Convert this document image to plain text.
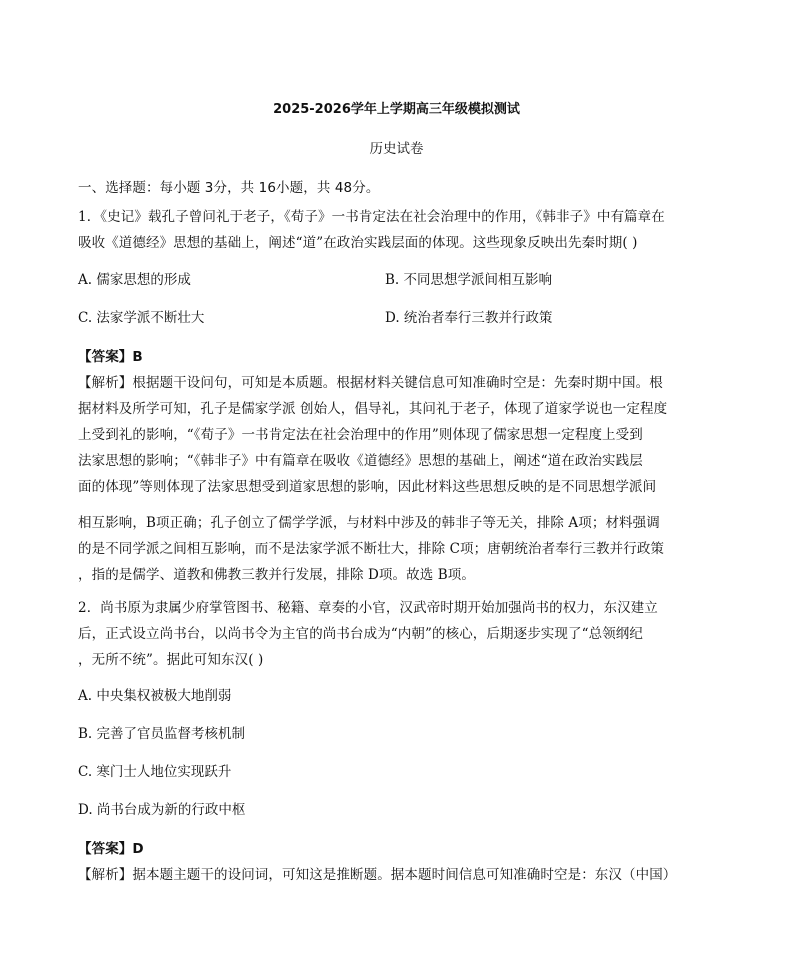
2025-2026学年上学期高三年级模拟测试
历史试卷
一、选择题：每小题 3分，共 16小题，共 48分。
1．《史记》载孔子曾问礼于老子，《荀子》一书肯定法在社会治理中的作用，《韩非子》中有篇章在
吸收《道德经》思想的基础上，阐述“道”在政治实践层面的体现。这些现象反映出先秦时期( )
A. 儒家思想的形成	B. 不同思想学派间相互影响
C. 法家学派不断壮大	D. 统治者奉行三教并行政策
【答案】B
【解析】根据题干设问句，可知是本质题。根据材料关键信息可知准确时空是：先秦时期中国。根
据材料及所学可知，孔子是儒家学派 创始人，倡导礼，其问礼于老子，体现了道家学说也一定程度
上受到礼的影响，“《荀子》一书肯定法在社会治理中的作用”则体现了儒家思想一定程度上受到
法家思想的影响；“《韩非子》中有篇章在吸收《道德经》思想的基础上，阐述“道在政治实践层
面的体现”等则体现了法家思想受到道家思想的影响，因此材料这些思想反映的是不同思想学派间
相互影响，B项正确；孔子创立了儒学学派，与材料中涉及的韩非子等无关，排除 A项；材料强调
的是不同学派之间相互影响，而不是法家学派不断壮大，排除 C项；唐朝统治者奉行三教并行政策
，指的是儒学、道教和佛教三教并行发展，排除 D项。故选 B项。
2．尚书原为隶属少府掌管图书、秘籍、章奏的小官，汉武帝时期开始加强尚书的权力，东汉建立
后，正式设立尚书台，以尚书令为主官的尚书台成为“内朝”的核心，后期逐步实现了“总领纲纪
，无所不统”。据此可知东汉( )
A. 中央集权被极大地削弱
B. 完善了官员监督考核机制
C. 寒门士人地位实现跃升
D. 尚书台成为新的行政中枢
【答案】D
【解析】据本题主题干的设问词，可知这是推断题。据本题时间信息可知准确时空是：东汉（中国）
